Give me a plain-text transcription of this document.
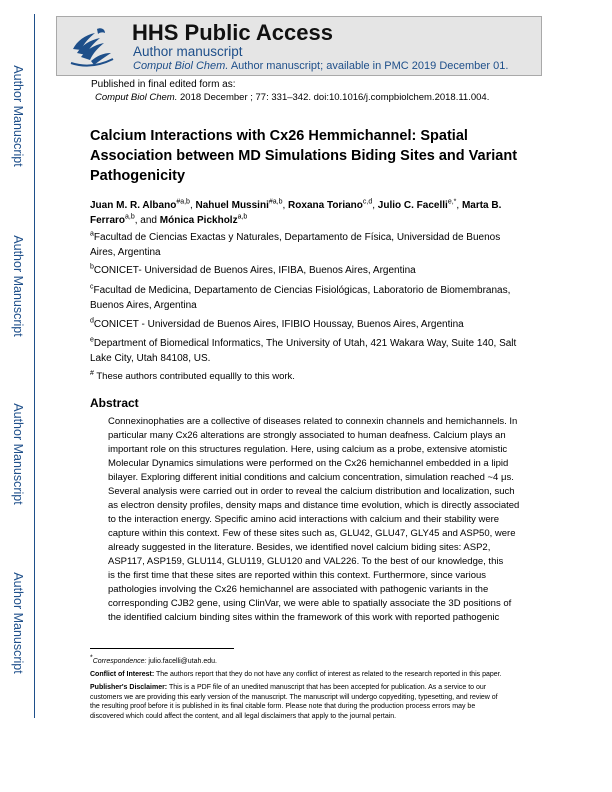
Author Manuscript
Author Manuscript
Author Manuscript
Author Manuscript
HHS Public Access
Author manuscript
Comput Biol Chem. Author manuscript; available in PMC 2019 December 01.
Published in final edited form as:
Comput Biol Chem. 2018 December ; 77: 331–342. doi:10.1016/j.compbiolchem.2018.11.004.
Calcium Interactions with Cx26 Hemmichannel: Spatial
Association between MD Simulations Biding Sites and Variant
Pathogenicity
Juan M. R. Albano$^{\#a,b}$, Nahuel Mussini$^{\#a,b}$, Roxana Toriano$^{c,d}$, Julio C. Facelli$^{e,*}$, Marta B. Ferraro$^{a,b}$, and Mónica Pickholz$^{a,b}$
$^a$Facultad de Ciencias Exactas y Naturales, Departamento de Física, Universidad de Buenos Aires, Argentina
$^b$CONICET- Universidad de Buenos Aires, IFIBA, Buenos Aires, Argentina
$^c$Facultad de Medicina, Departamento de Ciencias Fisiológicas, Laboratorio de Biomembranas, Buenos Aires, Argentina
$^d$CONICET - Universidad de Buenos Aires, IFIBIO Houssay, Buenos Aires, Argentina
$^e$Department of Biomedical Informatics, The University of Utah, 421 Wakara Way, Suite 140, Salt Lake City, Utah 84108, US.
# These authors contributed equallly to this work.
Abstract
Connexinophaties are a collective of diseases related to connexin channels and hemichannels. In
particular many Cx26 alterations are strongly associated to human deafness. Calcium plays an
important role on this structures regulation. Here, using calcium as a probe, extensive atomistic
Molecular Dynamics simulations were performed on the Cx26 hemichannel embedded in a lipid
bilayer. Exploring different initial conditions and calcium concentration, simulation reached ~4 μs.
Several analysis were carried out in order to reveal the calcium distribution and localization, such
as electron density profiles, density maps and distance time evolution, which is directly associated
to the interaction energy. Specific amino acid interactions with calcium and their stability were
capture within this context. Few of these sites such as, GLU42, GLU47, GLY45 and ASP50, were
already suggested in the literature. Besides, we identified novel calcium biding sites: ASP2,
ASP117, ASP159, GLU114, GLU119, GLU120 and VAL226. To the best of our knowledge, this
is the first time that these sites are reported within this context. Furthermore, since various
pathologies involving the Cx26 hemichannel are associated with pathogenic variants in the
corresponding CJB2 gene, using ClinVar, we were able to spatially associate the 3D positions of
the identified calcium binding sites within the framework of this work with reported pathogenic
*Correspondence: julio.facelli@utah.edu.
Conflict of Interest: The authors report that they do not have any conflict of interest as related to the research reported in this paper.
Publisher's Disclaimer: This is a PDF file of an unedited manuscript that has been accepted for publication. As a service to our
customers we are providing this early version of the manuscript. The manuscript will undergo copyediting, typesetting, and review of
the resulting proof before it is published in its final citable form. Please note that during the production process errors may be
discovered which could affect the content, and all legal disclaimers that apply to the journal pertain.
